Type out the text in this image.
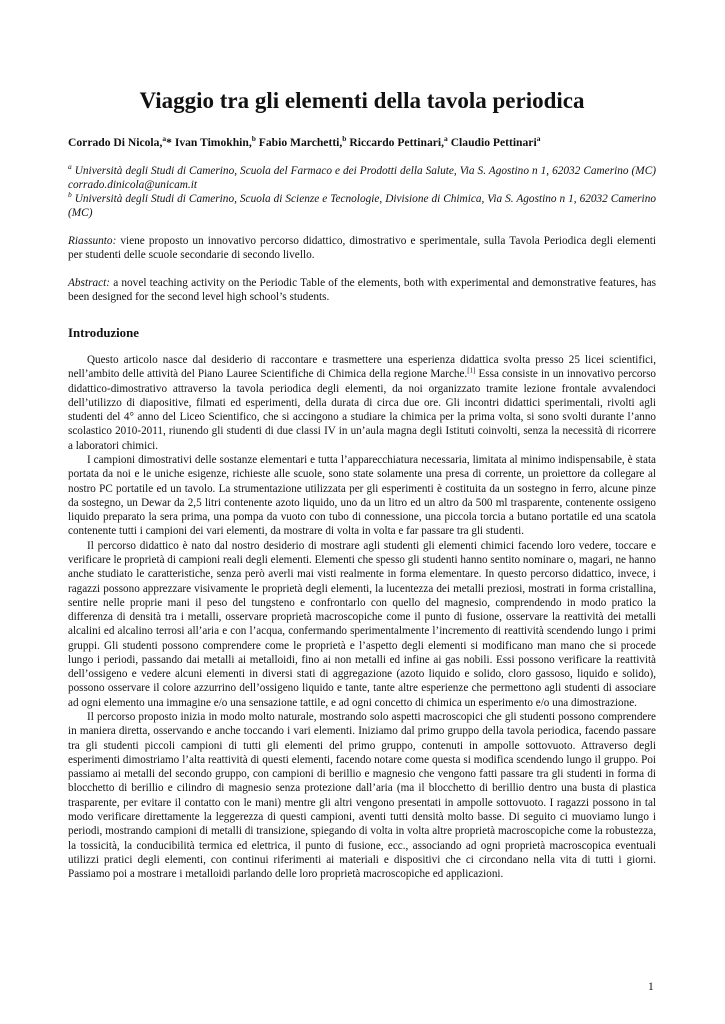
Viaggio tra gli elementi della tavola periodica
Corrado Di Nicola,$^a$* Ivan Timokhin,$^b$ Fabio Marchetti,$^b$ Riccardo Pettinari,$^a$ Claudio Pettinari$^a$

$^a$ Università degli Studi di Camerino, Scuola del Farmaco e dei Prodotti della Salute, Via S. Agostino n 1, 62032 Camerino (MC) corrado.dinicola@unicam.it

$^b$ Università degli Studi di Camerino, Scuola di Scienze e Tecnologie, Divisione di Chimica, Via S. Agostino n 1, 62032 Camerino (MC)

Riassunto: viene proposto un innovativo percorso didattico, dimostrativo e sperimentale, sulla Tavola Periodica degli elementi per studenti delle scuole secondarie di secondo livello.

Abstract: a novel teaching activity on the Periodic Table of the elements, both with experimental and demonstrative features, has been designed for the second level high school’s students.

Introduzione

Questo articolo nasce dal desiderio di raccontare e trasmettere una esperienza didattica svolta presso 25 licei scientifici, nell’ambito delle attività del Piano Lauree Scientifiche di Chimica della regione Marche.[1] Essa consiste in un innovativo percorso didattico-dimostrativo attraverso la tavola periodica degli elementi, da noi organizzato tramite lezione frontale avvalendoci dell’utilizzo di diapositive, filmati ed esperimenti, della durata di circa due ore. Gli incontri didattici sperimentali, rivolti agli studenti del 4° anno del Liceo Scientifico, che si accingono a studiare la chimica per la prima volta, si sono svolti durante l’anno scolastico 2010-2011, riunendo gli studenti di due classi IV in un’aula magna degli Istituti coinvolti, senza la necessità di ricorrere a laboratori chimici.

I campioni dimostrativi delle sostanze elementari e tutta l’apparecchiatura necessaria, limitata al minimo indispensabile, è stata portata da noi e le uniche esigenze, richieste alle scuole, sono state solamente una presa di corrente, un proiettore da collegare al nostro PC portatile ed un tavolo. La strumentazione utilizzata per gli esperimenti è costituita da un sostegno in ferro, alcune pinze da sostegno, un Dewar da 2,5 litri contenente azoto liquido, uno da un litro ed un altro da 500 ml trasparente, contenente ossigeno liquido preparato la sera prima, una pompa da vuoto con tubo di connessione, una piccola torcia a butano portatile ed una scatola contenente tutti i campioni dei vari elementi, da mostrare di volta in volta e far passare tra gli studenti.

Il percorso didattico è nato dal nostro desiderio di mostrare agli studenti gli elementi chimici facendo loro vedere, toccare e verificare le proprietà di campioni reali degli elementi. Elementi che spesso gli studenti hanno sentito nominare o, magari, ne hanno anche studiato le caratteristiche, senza però averli mai visti realmente in forma elementare. In questo percorso didattico, invece, i ragazzi possono apprezzare visivamente le proprietà degli elementi, la lucentezza dei metalli preziosi, mostrati in forma cristallina, sentire nelle proprie mani il peso del tungsteno e confrontarlo con quello del magnesio, comprendendo in modo pratico la differenza di densità tra i metalli, osservare proprietà macroscopiche come il punto di fusione, osservare la reattività dei metalli alcalini ed alcalino terrosi all’aria e con l’acqua, confermando sperimentalmente l’incremento di reattività scendendo lungo i primi gruppi. Gli studenti possono comprendere come le proprietà e l’aspetto degli elementi si modificano man mano che si procede lungo i periodi, passando dai metalli ai metalloidi, fino ai non metalli ed infine ai gas nobili. Essi possono verificare la reattività dell’ossigeno e vedere alcuni elementi in diversi stati di aggregazione (azoto liquido e solido, cloro gassoso, liquido e solido), possono osservare il colore azzurrino dell’ossigeno liquido e tante, tante altre esperienze che permettono agli studenti di associare ad ogni elemento una immagine e/o una sensazione tattile, e ad ogni concetto di chimica un esperimento e/o una dimostrazione.

Il percorso proposto inizia in modo molto naturale, mostrando solo aspetti macroscopici che gli studenti possono comprendere in maniera diretta, osservando e anche toccando i vari elementi. Iniziamo dal primo gruppo della tavola periodica, facendo passare tra gli studenti piccoli campioni di tutti gli elementi del primo gruppo, contenuti in ampolle sottovuoto. Attraverso degli esperimenti dimostriamo l’alta reattività di questi elementi, facendo notare come questa si modifica scendendo lungo il gruppo. Poi passiamo ai metalli del secondo gruppo, con campioni di berillio e magnesio che vengono fatti passare tra gli studenti in forma di blocchetto di berillio e cilindro di magnesio senza protezione dall’aria (ma il blocchetto di berillio dentro una busta di plastica trasparente, per evitare il contatto con le mani) mentre gli altri vengono presentati in ampolle sottovuoto. I ragazzi possono in tal modo verificare direttamente la leggerezza di questi campioni, aventi tutti densità molto basse. Di seguito ci muoviamo lungo i periodi, mostrando campioni di metalli di transizione, spiegando di volta in volta altre proprietà macroscopiche come la robustezza, la tossicità, la conducibilità termica ed elettrica, il punto di fusione, ecc., associando ad ogni proprietà macroscopica eventuali utilizzi pratici degli elementi, con continui riferimenti ai materiali e dispositivi che ci circondano nella vita di tutti i giorni. Passiamo poi a mostrare i metalloidi parlando delle loro proprietà macroscopiche ed applicazioni.

1
